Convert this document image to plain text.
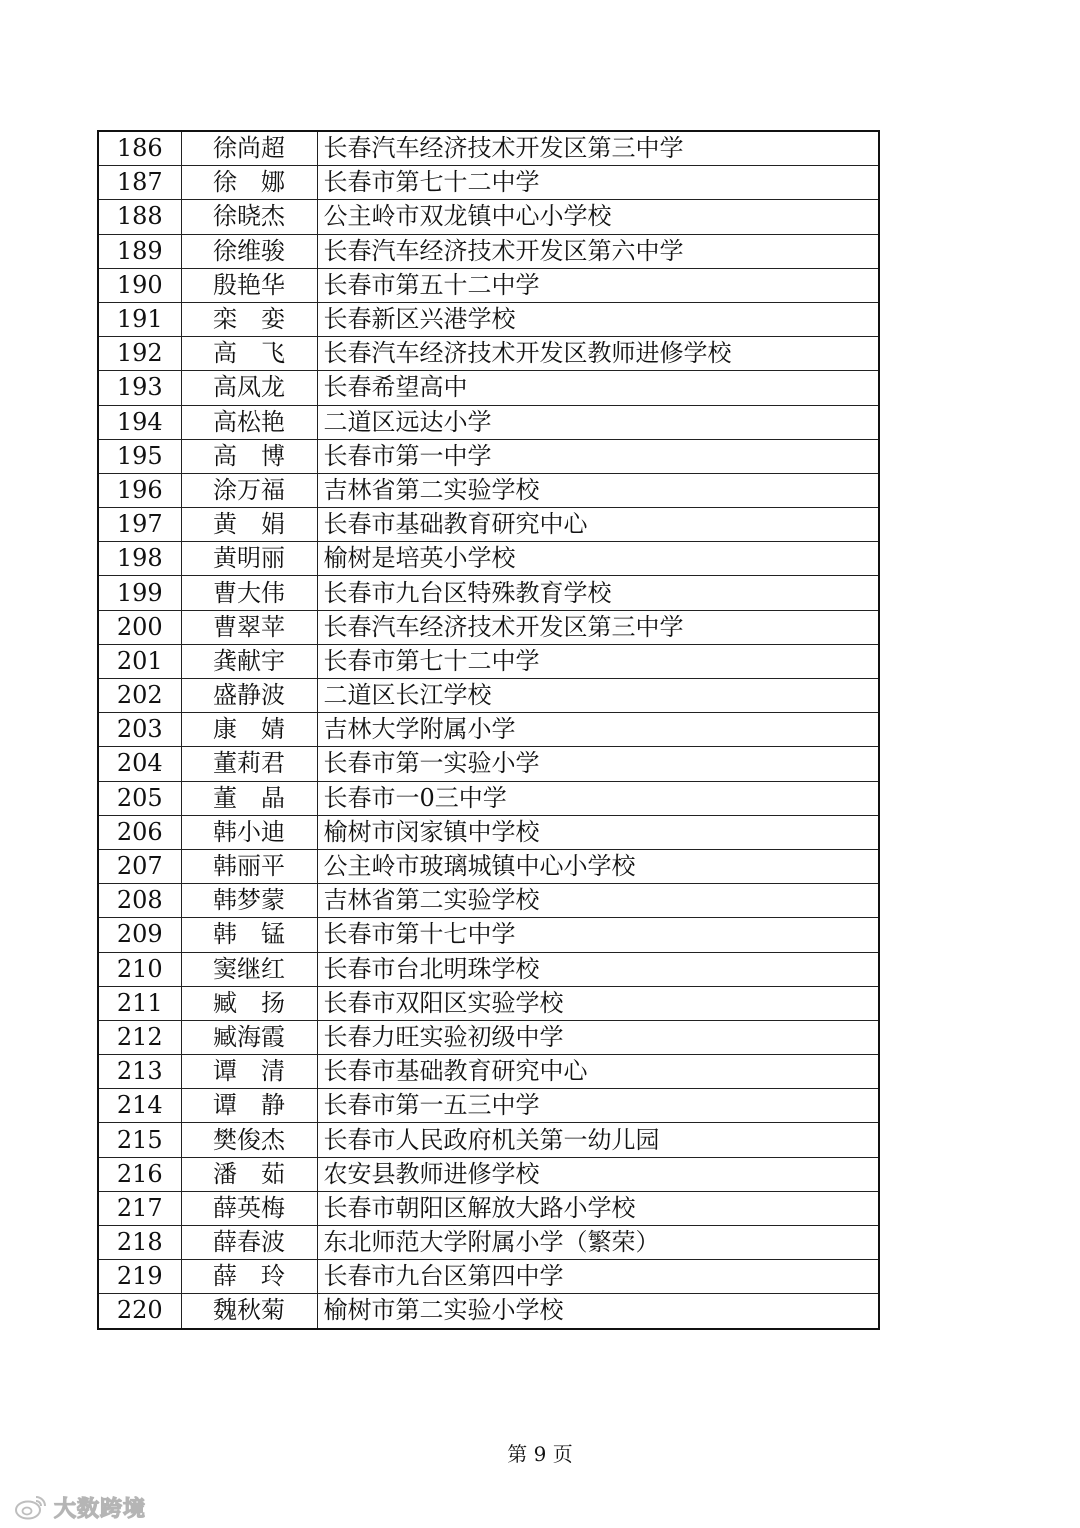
186	徐尚超	长春汽车经济技术开发区第三中学
187	徐　娜	长春市第七十二中学
188	徐晓杰	公主岭市双龙镇中心小学校
189	徐维骏	长春汽车经济技术开发区第六中学
190	殷艳华	长春市第五十二中学
191	栾　娈	长春新区兴港学校
192	高　飞	长春汽车经济技术开发区教师进修学校
193	高凤龙	长春希望高中
194	高松艳	二道区远达小学
195	高　博	长春市第一中学
196	涂万福	吉林省第二实验学校
197	黄　娟	长春市基础教育研究中心
198	黄明丽	榆树是培英小学校
199	曹大伟	长春市九台区特殊教育学校
200	曹翠苹	长春汽车经济技术开发区第三中学
201	龚献宇	长春市第七十二中学
202	盛静波	二道区长江学校
203	康　婧	吉林大学附属小学
204	董莉君	长春市第一实验小学
205	董　晶	长春市一0三中学
206	韩小迪	榆树市闵家镇中学校
207	韩丽平	公主岭市玻璃城镇中心小学校
208	韩梦蒙	吉林省第二实验学校
209	韩　锰	长春市第十七中学
210	窦继红	长春市台北明珠学校
211	臧　扬	长春市双阳区实验学校
212	臧海霞	长春力旺实验初级中学
213	谭　清	长春市基础教育研究中心
214	谭　静	长春市第一五三中学
215	樊俊杰	长春市人民政府机关第一幼儿园
216	潘　茹	农安县教师进修学校
217	薛英梅	长春市朝阳区解放大路小学校
218	薛春波	东北师范大学附属小学（繁荣）
219	薛　玲	长春市九台区第四中学
220	魏秋菊	榆树市第二实验小学校
第 9 页
大数跨境
